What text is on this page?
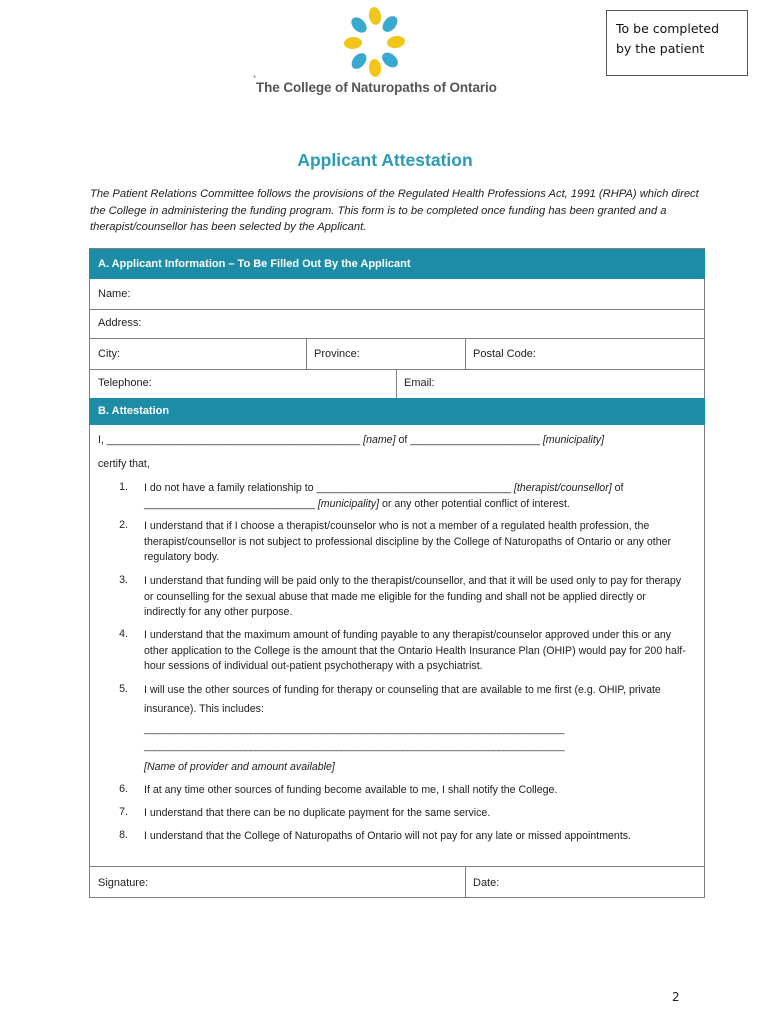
To be completed by the patient
*
The College of Naturopaths of Ontario
Applicant Attestation
The Patient Relations Committee follows the provisions of the Regulated Health Professions Act, 1991 (RHPA) which direct the College in administering the funding program. This form is to be completed once funding has been granted and a therapist/counsellor has been selected by the Applicant.
A. Applicant Information – To Be Filled Out By the Applicant
Name:
Address:
City:	Province:	Postal Code:
Telephone:	Email:
B. Attestation
I, ___________________________________________ [name] of ______________________ [municipality]
certify that,
1. I do not have a family relationship to _________________________________ [therapist/counsellor] of
_____________________________ [municipality] or any other potential conflict of interest.
2. I understand that if I choose a therapist/counselor who is not a member of a regulated health profession, the therapist/counsellor is not subject to professional discipline by the College of Naturopaths of Ontario or any other regulatory body.
3. I understand that funding will be paid only to the therapist/counsellor, and that it will be used only to pay for therapy or counselling for the sexual abuse that made me eligible for the funding and shall not be applied directly or indirectly for any other purpose.
4. I understand that the maximum amount of funding payable to any therapist/counselor approved under this or any other application to the College is the amount that the Ontario Health Insurance Plan (OHIP) would pay for 200 half-hour sessions of individual out-patient psychotherapy with a psychiatrist.
5. I will use the other sources of funding for therapy or counseling that are available to me first (e.g. OHIP, private
insurance). This includes:
___________________________________________________________________________________
___________________________________________________________________________________
[Name of provider and amount available]
6. If at any time other sources of funding become available to me, I shall notify the College.
7. I understand that there can be no duplicate payment for the same service.
8. I understand that the College of Naturopaths of Ontario will not pay for any late or missed appointments.
Signature:	Date:
2
